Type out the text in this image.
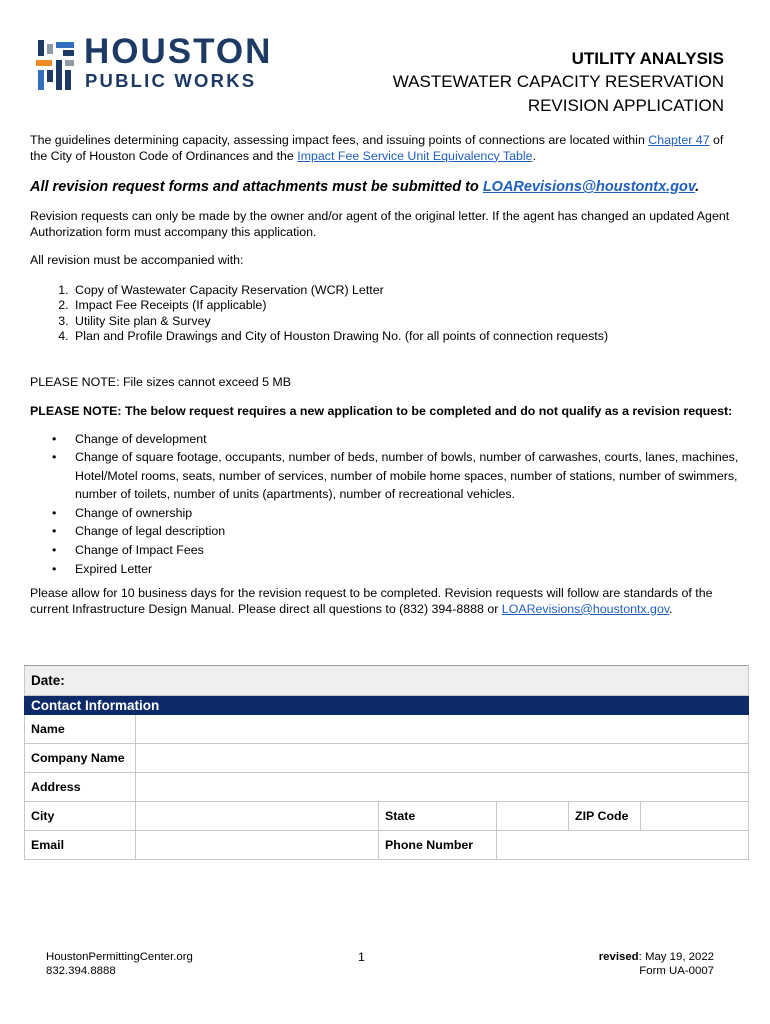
HOUSTON
PUBLIC WORKS
UTILITY ANALYSIS
WASTEWATER CAPACITY RESERVATION
REVISION APPLICATION

The guidelines determining capacity, assessing impact fees, and issuing points of connections are located within Chapter 47 of the City of Houston Code of Ordinances and the Impact Fee Service Unit Equivalency Table.

All revision request forms and attachments must be submitted to LOARevisions@houstontx.gov.

Revision requests can only be made by the owner and/or agent of the original letter. If the agent has changed an updated Agent Authorization form must accompany this application.

All revision must be accompanied with:

1. Copy of Wastewater Capacity Reservation (WCR) Letter
2. Impact Fee Receipts (If applicable)
3. Utility Site plan & Survey
4. Plan and Profile Drawings and City of Houston Drawing No. (for all points of connection requests)

PLEASE NOTE: File sizes cannot exceed 5 MB

PLEASE NOTE: The below request requires a new application to be completed and do not qualify as a revision request:

• Change of development
• Change of square footage, occupants, number of beds, number of bowls, number of carwashes, courts, lanes, machines, Hotel/Motel rooms, seats, number of services, number of mobile home spaces, number of stations, number of swimmers, number of toilets, number of units (apartments), number of recreational vehicles.
• Change of ownership
• Change of legal description
• Change of Impact Fees
• Expired Letter

Please allow for 10 business days for the revision request to be completed. Revision requests will follow are standards of the current Infrastructure Design Manual. Please direct all questions to (832) 394-8888 or LOARevisions@houstontx.gov.

Date:					
Contact Information					
Name					
Company Name					
Address					
City		State		ZIP Code	
Email		Phone Number			
HoustonPermittingCenter.org
832.394.8888
1	revised: May 19, 2022
Form UA-0007
